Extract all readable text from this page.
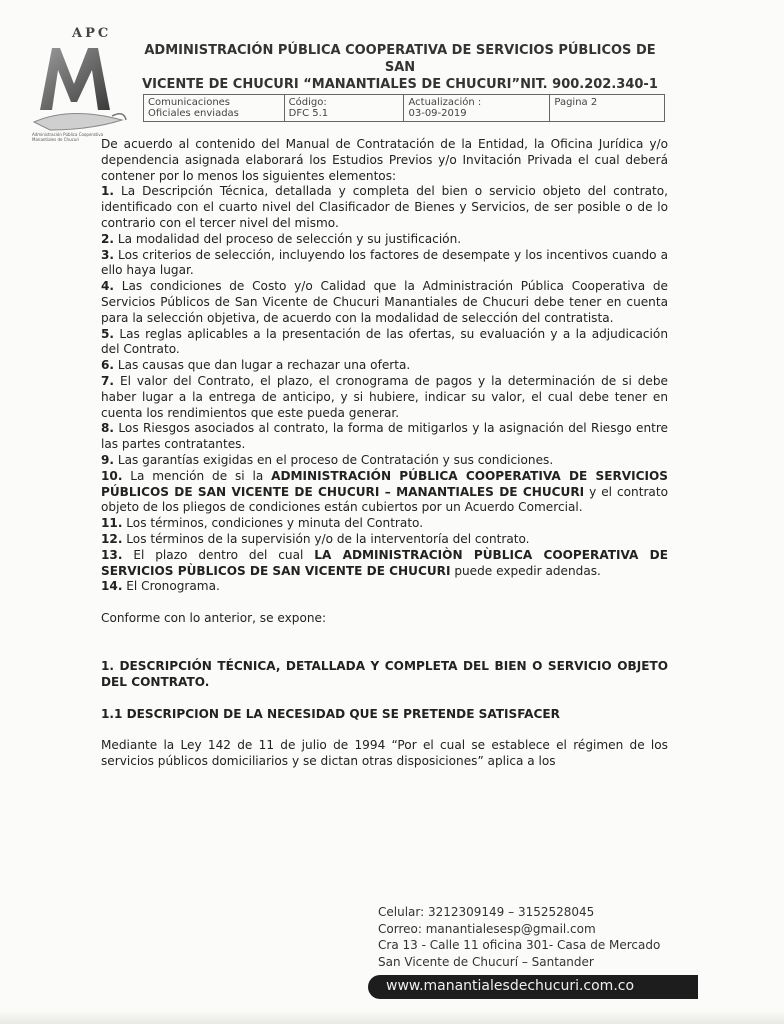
APC
Administración Pública Cooperativa Manantiales de Chucuri
ADMINISTRACIÓN PÚBLICA COOPERATIVA DE SERVICIOS PÚBLICOS DE SAN
VICENTE DE CHUCURI “MANANTIALES DE CHUCURI”NIT. 900.202.340-1
Comunicaciones
Oficiales enviadas

Código:
DFC 5.1

Actualización :
03-09-2019

Pagina 2

De acuerdo al contenido del Manual de Contratación de la Entidad, la Oficina Jurídica y/o dependencia asignada elaborará los Estudios Previos y/o Invitación Privada el cual deberá contener por lo menos los siguientes elementos:

1. La Descripción Técnica, detallada y completa del bien o servicio objeto del contrato, identificado con el cuarto nivel del Clasificador de Bienes y Servicios, de ser posible o de lo contrario con el tercer nivel del mismo.

2. La modalidad del proceso de selección y su justificación.

3. Los criterios de selección, incluyendo los factores de desempate y los incentivos cuando a ello haya lugar.

4. Las condiciones de Costo y/o Calidad que la Administración Pública Cooperativa de Servicios Públicos de San Vicente de Chucuri Manantiales de Chucuri debe tener en cuenta para la selección objetiva, de acuerdo con la modalidad de selección del contratista.

5. Las reglas aplicables a la presentación de las ofertas, su evaluación y a la adjudicación del Contrato.

6. Las causas que dan lugar a rechazar una oferta.

7. El valor del Contrato, el plazo, el cronograma de pagos y la determinación de si debe haber lugar a la entrega de anticipo, y si hubiere, indicar su valor, el cual debe tener en cuenta los rendimientos que este pueda generar.

8. Los Riesgos asociados al contrato, la forma de mitigarlos y la asignación del Riesgo entre las partes contratantes.

9. Las garantías exigidas en el proceso de Contratación y sus condiciones.

10. La mención de si la ADMINISTRACIÓN PÚBLICA COOPERATIVA DE SERVICIOS PÚBLICOS DE SAN VICENTE DE CHUCURI – MANANTIALES DE CHUCURI y el contrato objeto de los pliegos de condiciones están cubiertos por un Acuerdo Comercial.

11. Los términos, condiciones y minuta del Contrato.

12. Los términos de la supervisión y/o de la interventoría del contrato.

13. El plazo dentro del cual LA ADMINISTRACIÒN PÙBLICA COOPERATIVA DE SERVICIOS PÙBLICOS DE SAN VICENTE DE CHUCURI puede expedir adendas.

14. El Cronograma.

Conforme con lo anterior, se expone:

1. DESCRIPCIÓN TÉCNICA, DETALLADA Y COMPLETA DEL BIEN O SERVICIO OBJETO DEL CONTRATO.

1.1 DESCRIPCION DE LA NECESIDAD QUE SE PRETENDE SATISFACER

Mediante la Ley 142 de 11 de julio de 1994 “Por el cual se establece el régimen de los servicios públicos domiciliarios y se dictan otras disposiciones” aplica a los

Celular: 3212309149 – 3152528045
Correo: manantialesesp@gmail.com
Cra 13 - Calle 11 oficina 301- Casa de Mercado
San Vicente de Chucurí – Santander
www.manantialesdechucuri.com.co
